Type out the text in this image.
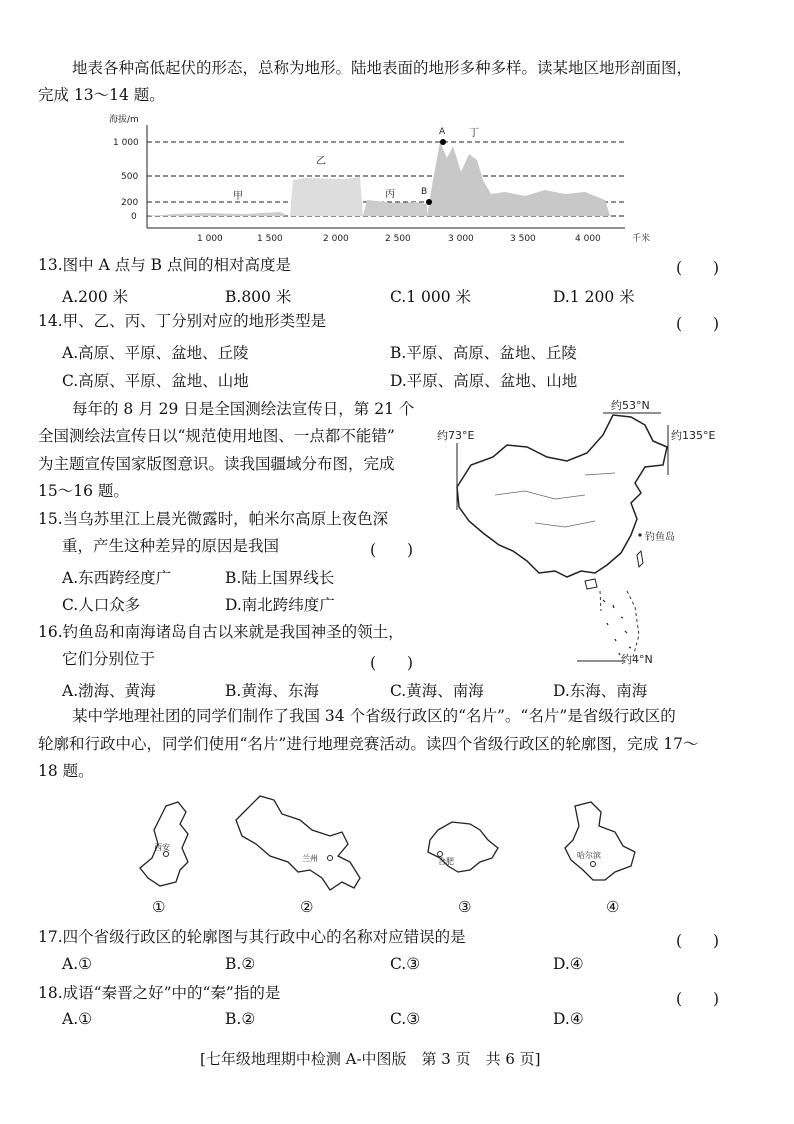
地表各种高低起伏的形态，总称为地形。陆地表面的地形多种多样。读某地区地形剖面图，
完成 13～14 题。
海拔/m
1 000
500
200
0
A
B
甲
乙
丙
丁
1 000	1 500	2 000	2 500	3 000	3 500	4 000	千米
13.图中 A 点与 B 点间的相对高度是	(　　)
A.200 米	B.800 米	C.1 000 米	D.1 200 米
14.甲、乙、丙、丁分别对应的地形类型是	(　　)
A.高原、平原、盆地、丘陵	B.平原、高原、盆地、丘陵
C.高原、平原、盆地、山地	D.平原、高原、盆地、山地
每年的 8 月 29 日是全国测绘法宣传日，第 21 个
全国测绘法宣传日以“规范使用地图、一点都不能错”
为主题宣传国家版图意识。读我国疆域分布图，完成
15～16 题。
约53°N
约73°E	约135°E
钓鱼岛
约4°N
15.当乌苏里江上晨光微露时，帕米尔高原上夜色深
重，产生这种差异的原因是我国	(　　)
A.东西跨经度广	B.陆上国界线长
C.人口众多	D.南北跨纬度广
16.钓鱼岛和南海诸岛自古以来就是我国神圣的领土，
它们分别位于	(　　)
A.渤海、黄海	B.黄海、东海	C.黄海、南海	D.东海、南海
某中学地理社团的同学们制作了我国 34 个省级行政区的“名片”。“名片”是省级行政区的
轮廓和行政中心，同学们使用“名片”进行地理竞赛活动。读四个省级行政区的轮廓图，完成 17～
18 题。
西安
①
兰州
②
合肥
③
哈尔滨
④
17.四个省级行政区的轮廓图与其行政中心的名称对应错误的是	(　　)
A.①	B.②	C.③	D.④
18.成语“秦晋之好”中的“秦”指的是	(　　)
A.①	B.②	C.③	D.④
[七年级地理期中检测 A-中图版　第 3 页　共 6 页]
